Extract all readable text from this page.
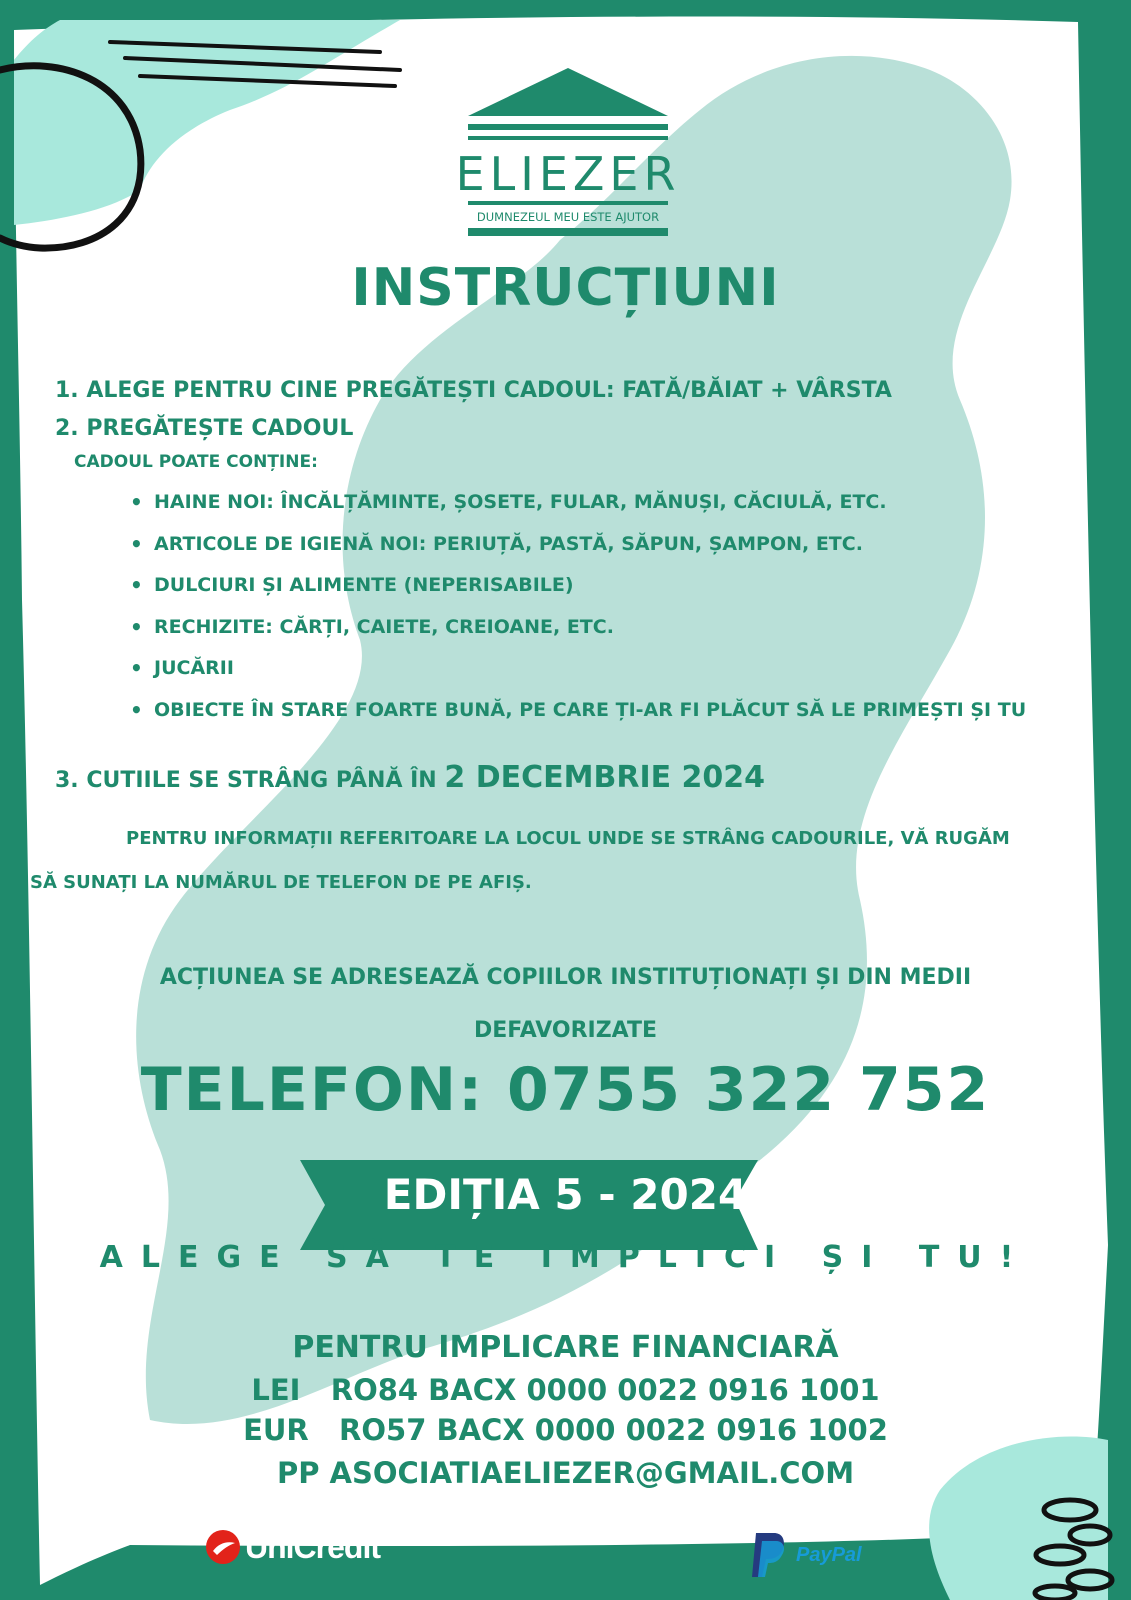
ELIEZER
DUMNEZEUL MEU ESTE AJUTOR
INSTRUCȚIUNI
1. ALEGE PENTRU CINE PREGĂTEȘTI CADOUL: FATĂ/BĂIAT + VÂRSTA
2. PREGĂTEȘTE CADOUL
CADOUL POATE CONȚINE:
• HAINE NOI: ÎNCĂLȚĂMINTE, ȘOSETE, FULAR, MĂNUȘI, CĂCIULĂ, ETC.
• ARTICOLE DE IGIENĂ NOI: PERIUȚĂ, PASTĂ, SĂPUN, ȘAMPON, ETC.
• DULCIURI ȘI ALIMENTE (NEPERISABILE)
• RECHIZITE: CĂRȚI, CAIETE, CREIOANE, ETC.
• JUCĂRII
• OBIECTE ÎN STARE FOARTE BUNĂ, PE CARE ȚI-AR FI PLĂCUT SĂ LE PRIMEȘTI ȘI TU
3. CUTIILE SE STRÂNG PÂNĂ ÎN 2 DECEMBRIE 2024
PENTRU INFORMAȚII REFERITOARE LA LOCUL UNDE SE STRÂNG CADOURILE, VĂ RUGĂM
SĂ SUNAȚI LA NUMĂRUL DE TELEFON DE PE AFIȘ.
ACȚIUNEA SE ADRESEAZĂ COPIILOR INSTITUȚIONAȚI ȘI DIN MEDII
DEFAVORIZATE
TELEFON: 0755 322 752
EDIȚIA 5 - 2024
ALEGE SĂ TE IMPLICI ȘI TU!
PENTRU IMPLICARE FINANCIARĂ
LEI   RO84 BACX 0000 0022 0916 1001
EUR   RO57 BACX 0000 0022 0916 1002
PP ASOCIATIAELIEZER@GMAIL.COM
UniCredit	PayPal
